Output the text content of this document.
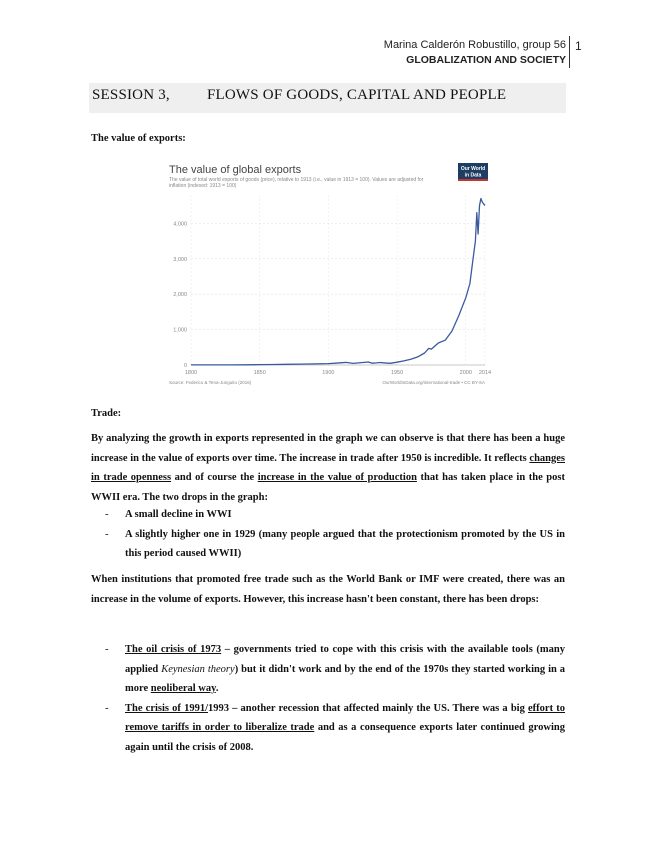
Marina Calderón Robustillo, group 56
GLOBALIZATION AND SOCIETY
1
SESSION 3, FLOWS OF GOODS, CAPITAL AND PEOPLE
The value of exports:
The value of global exports
The value of total world exports of goods (price), relative to 1913 (i.e., value in 1913 = 100). Values are adjusted for
inflation (indexed: 1913 = 100)
Our World
in Data
0
1,000
2,000
3,000
4,000
1800	1850	1900	1950	2000 2014
Source: Federico & Tena-Junguito (2016)	OurWorldInData.org/international-trade • CC BY-SA
Trade:

By analyzing the growth in exports represented in the graph we can observe is that there has been a huge increase in the value of exports over time. The increase in trade after 1950 is incredible. It reflects changes in trade openness and of course the increase in the value of production that has taken place in the post WWII era. The two drops in the graph:

- A small decline in WWI
- A slightly higher one in 1929 (many people argued that the protectionism promoted by the US in this period caused WWII)

When institutions that promoted free trade such as the World Bank or IMF were created, there was an increase in the volume of exports. However, this increase hasn't been constant, there has been drops:

- The oil crisis of 1973 – governments tried to cope with this crisis with the available tools (many applied Keynesian theory) but it didn't work and by the end of the 1970s they started working in a more neoliberal way.
- The crisis of 1991/1993 – another recession that affected mainly the US. There was a big effort to remove tariffs in order to liberalize trade and as a consequence exports later continued growing again until the crisis of 2008.
